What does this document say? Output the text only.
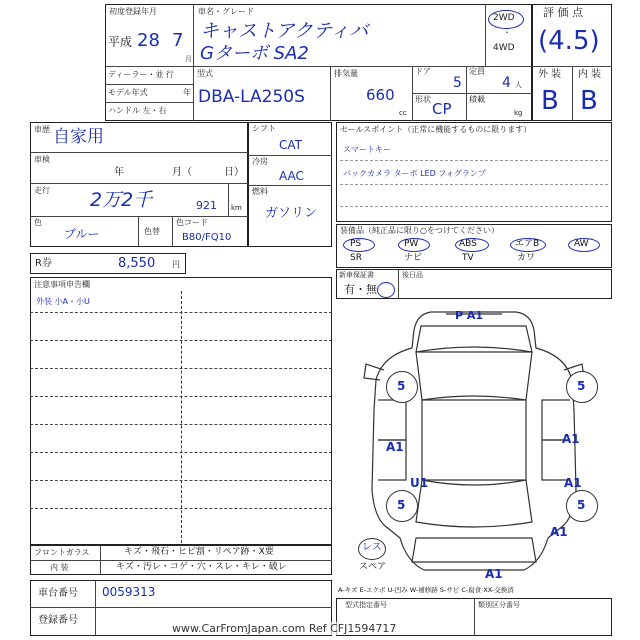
初度登録年月
平成 28 7
月
車名・グレード
キャストアクティバ
Gターボ SA2
2WD
・
4WD
評 価 点
(4.5)
ディーラー・並 行
モデル年式	年
ハンドル 左・右
型式
DBA-LA250S
排気量
660
cc
ドア
5
定員
4 人
形状
CP
積載
kg
外 装 内 装
B B
車歴 自家用
車検
年	月（	日）
走行 2万2千	921 km
色
ブルー	色替
色コード
B80/FQ10
シフト
CAT
冷房
AAC
燃料
ガソリン
R券	8,550 円
セールスポイント（正常に機能するものに限ります）
スマートキー
バックカメラ ターボ LED フォグランプ
装備品（純正品に限り○をつけてください）
PS	PW	ABS	エアB	AW
SR	ナビ	TV	カワ
新車保証書
有・無
後日品
注意事項申告欄
外装 小A・小U
P A1
5	5
A1
A1
U1	A1
5	5
A1
A1
レス
スペア
フロントガラス	キズ・飛石・ヒビ割・リペア跡・X要
内 装	キズ・汚レ・コゲ・穴・スレ・キレ・破レ
車台番号 0059313
登録番号
A-キズ E-エクボ U-凹み W-補修跡 S-サビ C-腐食 XX-交換済
型式指定番号	類別区分番号
www.CarFromJapan.com Ref CFJ1594717
